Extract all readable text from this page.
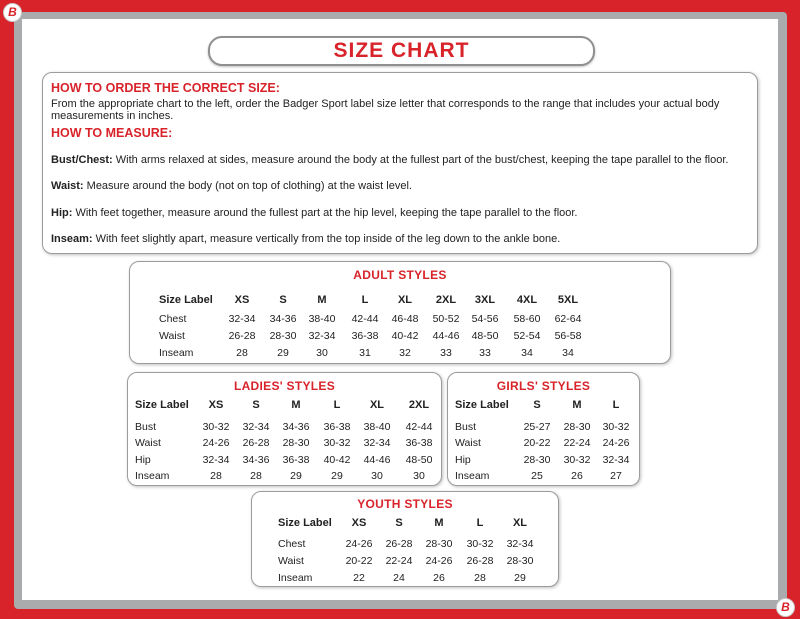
B
B
SIZE CHART

HOW TO ORDER THE CORRECT SIZE:

From the appropriate chart to the left, order the Badger Sport label size letter that corresponds to the range that includes your actual body measurements in inches.

HOW TO MEASURE:

Bust/Chest: With arms relaxed at sides, measure around the body at the fullest part of the bust/chest, keeping the tape parallel to the floor.
Waist: Measure around the body (not on top of clothing) at the waist level.
Hip: With feet together, measure around the fullest part at the hip level, keeping the tape parallel to the floor.
Inseam: With feet slightly apart, measure vertically from the top inside of the leg down to the ankle bone.
ADULT STYLES
Size Label XS	S	M	L	XL 2XL 3XL 4XL 5XL
Chest	32-34 34-36 38-40 42-44 46-48 50-52 54-56 58-60 62-64
Waist	26-28 28-30 32-34 36-38 40-42 44-46 48-50 52-54 56-58
Inseam	28	29	30	31	32	33	33	34	34
LADIES' STYLES
Size Label XS	S	M	L	XL 2XL
Bust	30-32 32-34 34-36 36-38 38-40 42-44
Waist	24-26 26-28 28-30 30-32 32-34 36-38
Hip	32-34 34-36 36-38 40-42 44-46 48-50
Inseam	28	28	29	29	30	30
GIRLS' STYLES
Size Label S	M	L
Bust	25-27 28-30 30-32
Waist	20-22 22-24 24-26
Hip	28-30 30-32 32-34
Inseam	25	26	27
YOUTH STYLES
Size Label XS	S	M	L	XL
Chest	24-26 26-28 28-30 30-32 32-34
Waist	20-22 22-24 24-26 26-28 28-30
Inseam	22	24	26	28	29
